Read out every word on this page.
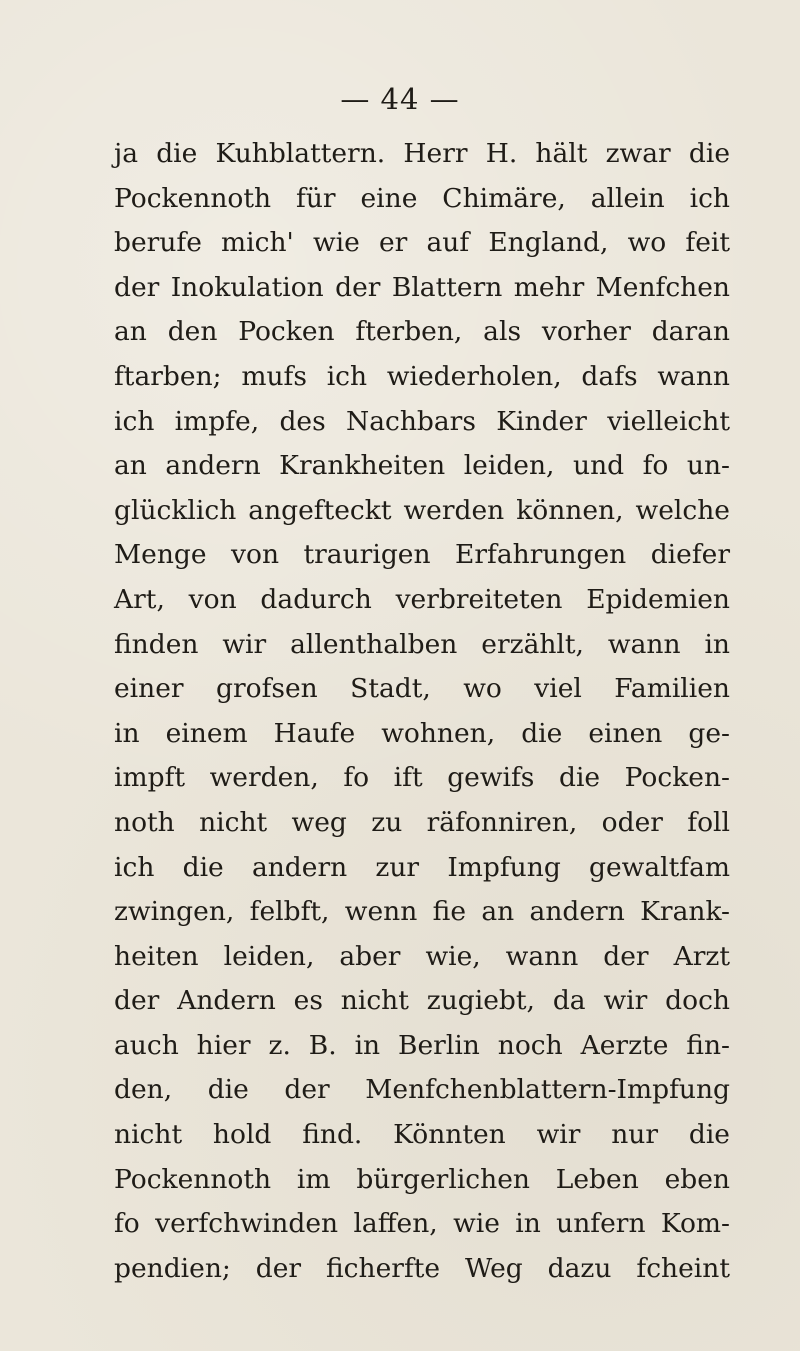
— 44 —
ja die Kuhblattern. Herr H. hält zwar die
Pockennoth für eine Chimäre, allein ich
berufe mich' wie er auf England, wo feit
der Inokulation der Blattern mehr Menfchen
an den Pocken fterben, als vorher daran
ftarben; mufs ich wiederholen, dafs wann
ich impfe, des Nachbars Kinder vielleicht
an andern Krankheiten leiden, und fo un-
glücklich angefteckt werden können, welche
Menge von traurigen Erfahrungen diefer
Art, von dadurch verbreiteten Epidemien
finden wir allenthalben erzählt, wann in
einer grofsen Stadt, wo viel Familien
in einem Haufe wohnen, die einen ge-
impft werden, fo ift gewifs die Pocken-
noth nicht weg zu räfonniren, oder foll
ich die andern zur Impfung gewaltfam
zwingen, felbft, wenn fie an andern Krank-
heiten leiden, aber wie, wann der Arzt
der Andern es nicht zugiebt, da wir doch
auch hier z. B. in Berlin noch Aerzte fin-
den, die der Menfchenblattern-Impfung
nicht hold find. Könnten wir nur die
Pockennoth im bürgerlichen Leben eben
fo verfchwinden laffen, wie in unfern Kom-
pendien; der ficherfte Weg dazu fcheint
